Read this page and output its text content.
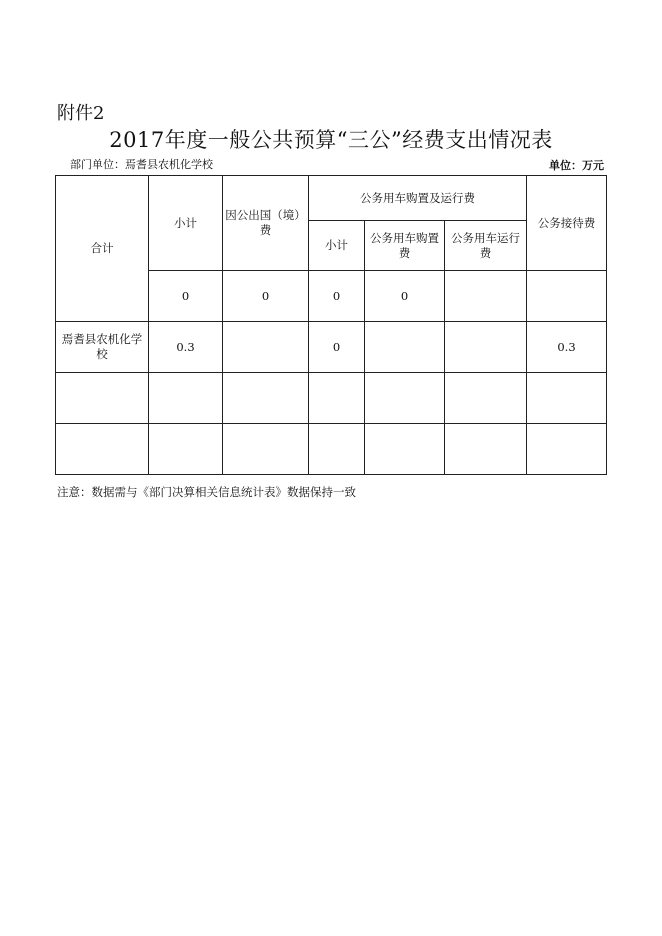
附件2
2017年度一般公共预算“三公”经费支出情况表
部门单位：焉耆县农机化学校	单位：万元
合计	小计	因公出国（境）费	公务用车购置及运行费			公务接待费
			小计	公务用车购置费	公务用车运行费	
	0	0	0	0		
焉耆县农机化学校	0.3		0			0.3

注意：数据需与《部门决算相关信息统计表》数据保持一致
